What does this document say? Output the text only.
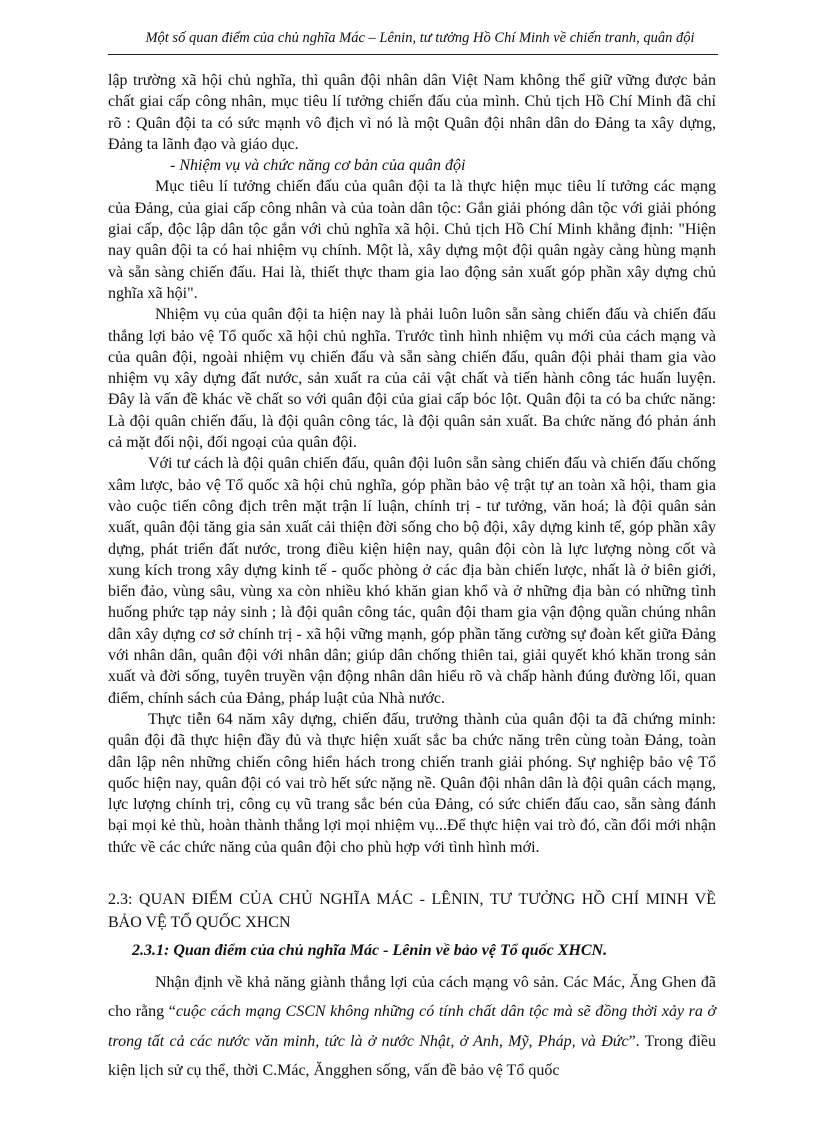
Một số quan điểm của chủ nghĩa Mác – Lênin, tư tưởng Hồ Chí Minh về chiến tranh, quân đội

lập trường xã hội chủ nghĩa, thì quân đội nhân dân Việt Nam không thể giữ vững được bản chất giai cấp công nhân, mục tiêu lí tưởng chiến đấu của mình. Chủ tịch Hồ Chí Minh đã chỉ rõ : Quân đội ta có sức mạnh vô địch vì nó là một Quân đội nhân dân do Đảng ta xây dựng, Đảng ta lãnh đạo và giáo dục.

- Nhiệm vụ và chức năng cơ bản của quân đội

Mục tiêu lí tưởng chiến đấu của quân đội ta là thực hiện mục tiêu lí tưởng các mạng của Đảng, của giai cấp công nhân và của toàn dân tộc: Gắn giải phóng dân tộc với giải phóng giai cấp, độc lập dân tộc gắn với chủ nghĩa xã hội. Chủ tịch Hồ Chí Minh khẳng định: "Hiện nay quân đội ta có hai nhiệm vụ chính. Một là, xây dựng một đội quân ngày càng hùng mạnh và sẵn sàng chiến đấu. Hai là, thiết thực tham gia lao động sản xuất góp phần xây dựng chủ nghĩa xã hội".

Nhiệm vụ của quân đội ta hiện nay là phải luôn luôn sẵn sàng chiến đấu và chiến đấu thắng lợi bảo vệ Tổ quốc xã hội chủ nghĩa. Trước tình hình nhiệm vụ mới của cách mạng và của quân đội, ngoài nhiệm vụ chiến đấu và sẵn sàng chiến đấu, quân đội phải tham gia vào nhiệm vụ xây dựng đất nước, sản xuất ra của cải vật chất và tiến hành công tác huấn luyện. Đây là vấn đề khác về chất so với quân đội của giai cấp bóc lột. Quân đội ta có ba chức năng: Là đội quân chiến đấu, là đội quân công tác, là đội quân sản xuất. Ba chức năng đó phản ánh cả mặt đối nội, đối ngoại của quân đội.

Với tư cách là đội quân chiến đấu, quân đội luôn sẵn sàng chiến đấu và chiến đấu chống xâm lược, bảo vệ Tổ quốc xã hội chủ nghĩa, góp phần bảo vệ trật tự an toàn xã hội, tham gia vào cuộc tiến công địch trên mặt trận lí luận, chính trị - tư tưởng, văn hoá; là đội quân sản xuất, quân đội tăng gia sản xuất cải thiện đời sống cho bộ đội, xây dựng kinh tế, góp phần xây dựng, phát triển đất nước, trong điều kiện hiện nay, quân đội còn là lực lượng nòng cốt và xung kích trong xây dựng kinh tế - quốc phòng ở các địa bàn chiến lược, nhất là ở biên giới, biển đảo, vùng sâu, vùng xa còn nhiều khó khăn gian khổ và ở những địa bàn có những tình huống phức tạp nảy sinh ; là đội quân công tác, quân đội tham gia vận động quần chúng nhân dân xây dựng cơ sở chính trị - xã hội vững mạnh, góp phần tăng cường sự đoàn kết giữa Đảng với nhân dân, quân đội với nhân dân; giúp dân chống thiên tai, giải quyết khó khăn trong sản xuất và đời sống, tuyên truyền vận động nhân dân hiểu rõ và chấp hành đúng đường lối, quan điểm, chính sách của Đảng, pháp luật của Nhà nước.

Thực tiễn 64 năm xây dựng, chiến đấu, trưởng thành của quân đội ta đã chứng minh: quân đội đã thực hiện đầy đủ và thực hiện xuất sắc ba chức năng trên cùng toàn Đảng, toàn dân lập nên những chiến công hiển hách trong chiến tranh giải phóng. Sự nghiệp bảo vệ Tổ quốc hiện nay, quân đội có vai trò hết sức nặng nề. Quân đội nhân dân là đội quân cách mạng, lực lượng chính trị, công cụ vũ trang sắc bén của Đảng, có sức chiến đấu cao, sẵn sàng đánh bại mọi kẻ thù, hoàn thành thắng lợi mọi nhiệm vụ...Để thực hiện vai trò đó, cần đổi mới nhận thức về các chức năng của quân đội cho phù hợp với tình hình mới.

2.3: QUAN ĐIỂM CỦA CHỦ NGHĨA MÁC - LÊNIN, TƯ TƯỞNG HỒ CHÍ MINH VỀ BẢO VỆ TỔ QUỐC XHCN

2.3.1: Quan điểm của chủ nghĩa Mác - Lênin về bảo vệ Tổ quốc XHCN.

Nhận định về khả năng giành thắng lợi của cách mạng vô sản. Các Mác, Ăng Ghen đã cho rằng “cuộc cách mạng CSCN không những có tính chất dân tộc mà sẽ đồng thời xảy ra ở trong tất cả các nước văn minh, tức là ở nước Nhật, ở Anh, Mỹ, Pháp, và Đức”. Trong điều kiện lịch sử cụ thể, thời C.Mác, Ăngghen sống, vấn đề bảo vệ Tổ quốc
